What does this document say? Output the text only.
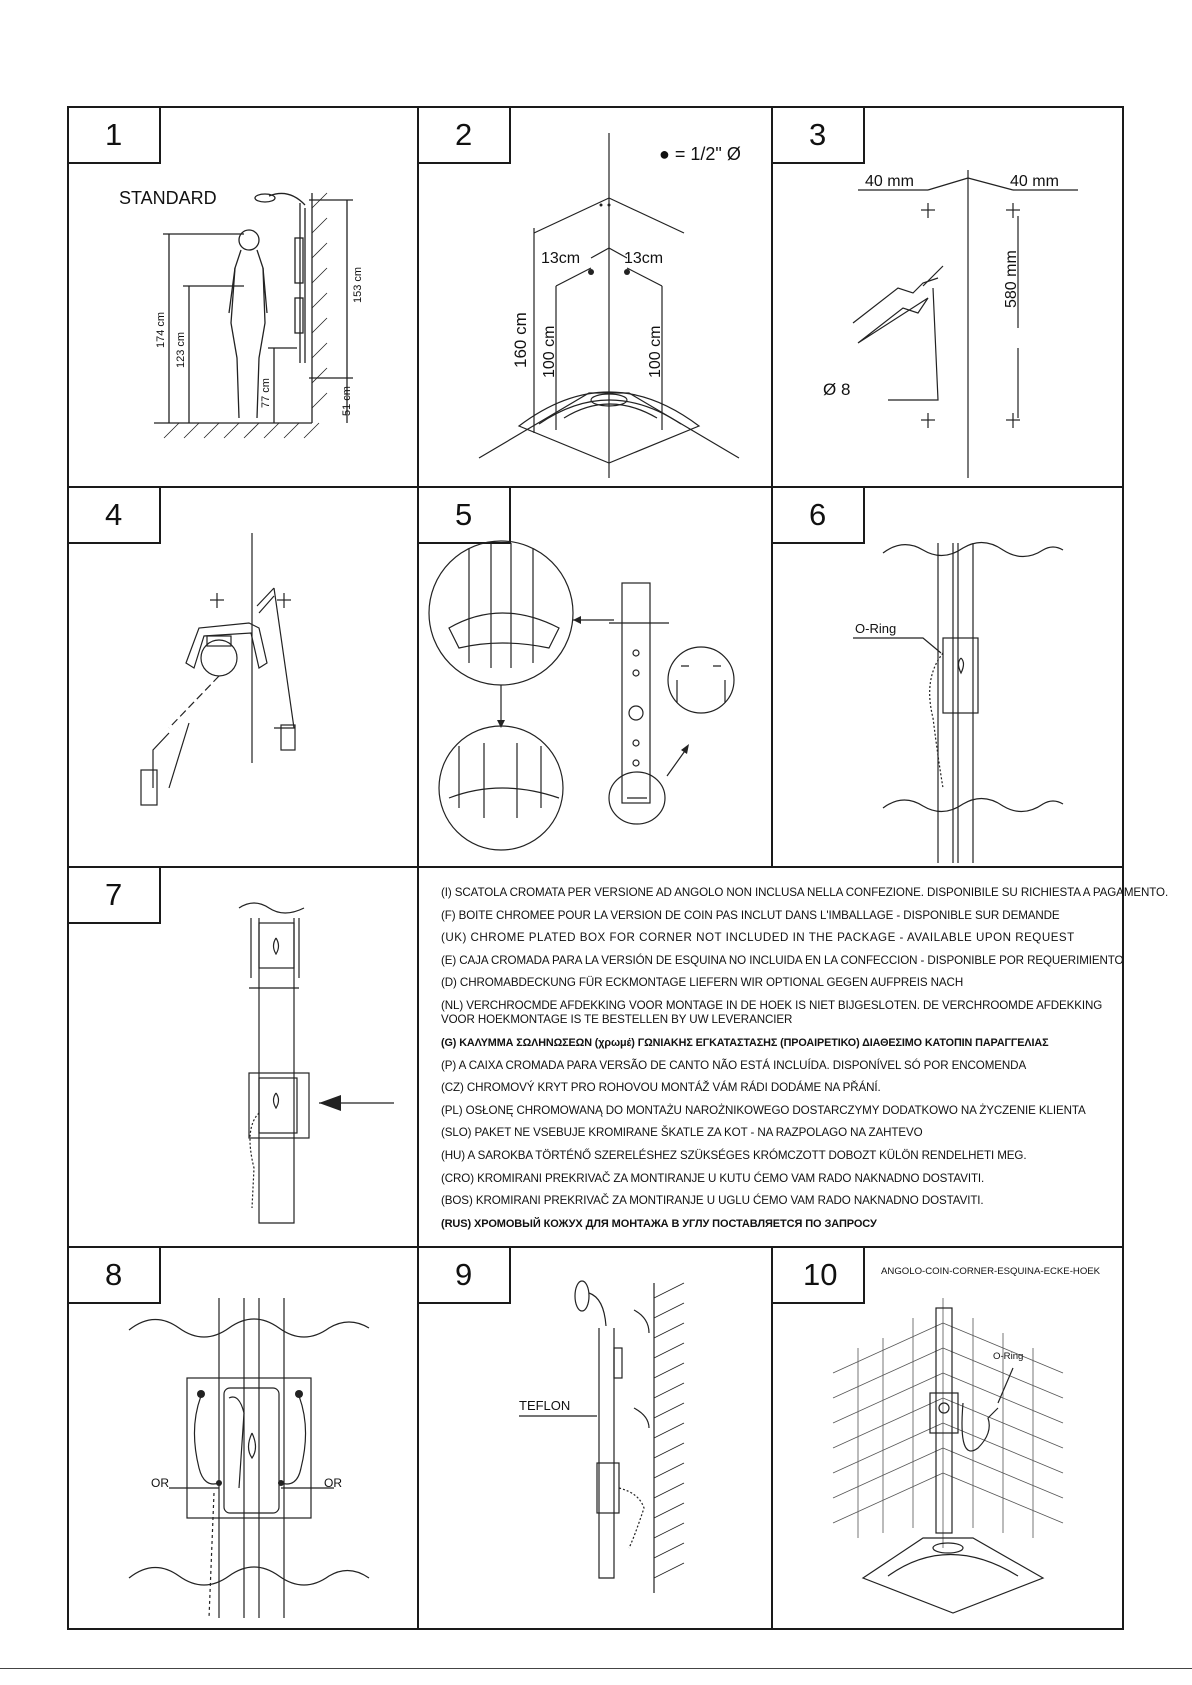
1
STANDARD
174 cm
123 cm
77 cm
153 cm
51 cm
2
● = 1/2" Ø
13cm	13cm
160 cm 100 cm	100 cm
3
40 mm	40 mm
580 mm
Ø 8
4	5	6
O-Ring
7	(I) SCATOLA CROMATA PER VERSIONE AD ANGOLO NON INCLUSA NELLA CONFEZIONE. DISPONIBILE SU RICHIESTA A PAGAMENTO.
(F) BOITE CHROMEE POUR LA VERSION DE COIN PAS INCLUT DANS L'IMBALLAGE - DISPONIBLE SUR DEMANDE
(UK) CHROME PLATED BOX FOR CORNER NOT INCLUDED IN THE PACKAGE - AVAILABLE UPON REQUEST
(E) CAJA CROMADA PARA LA VERSIÓN DE ESQUINA NO INCLUIDA EN LA CONFECCION - DISPONIBLE POR REQUERIMIENTO
(D) CHROMABDECKUNG FÜR ECKMONTAGE LIEFERN WIR OPTIONAL GEGEN AUFPREIS NACH
(NL) VERCHROCMDE AFDEKKING VOOR MONTAGE IN DE HOEK IS NIET BIJGESLOTEN. DE VERCHROOMDE AFDEKKING VOOR HOEKMONTAGE IS TE BESTELLEN BY UW LEVERANCIER
(G) ΚΑΛΥΜΜΑ ΣΩΛΗΝΩΣΕΩΝ (χρωμέ) ΓΩΝΙΑΚΗΣ ΕΓΚΑΤΑΣΤΑΣΗΣ (ΠΡΟΑΙΡΕΤΙΚΟ) ΔΙΑΘΕΣΙΜΟ ΚΑΤΟΠΙΝ ΠΑΡΑΓΓΕΛΙΑΣ
(P) A CAIXA CROMADA PARA VERSÃO DE CANTO NÃO ESTÁ INCLUÍDA. DISPONÍVEL SÓ POR ENCOMENDA
(CZ) CHROMOVÝ KRYT PRO ROHOVOU MONTÁŽ VÁM RÁDI DODÁME NA PŘÁNÍ.
(PL) OSŁONĘ CHROMOWANĄ DO MONTAŻU NAROŻNIKOWEGO DOSTARCZYMY DODATKOWO NA ŻYCZENIE KLIENTA
(SLO) PAKET NE VSEBUJE KROMIRANE ŠKATLE ZA KOT - NA RAZPOLAGO NA ZAHTEVO
(HU) A SAROKBA TÖRTÉNŐ SZERELÉSHEZ SZÜKSÉGES KRÓMCZOTT DOBOZT KÜLÖN RENDELHETI MEG.
(CRO) KROMIRANI PREKRIVAČ ZA MONTIRANJE U KUTU ĆEMO VAM RADO NAKNADNO DOSTAVITI.
(BOS) KROMIRANI PREKRIVAČ ZA MONTIRANJE U UGLU ĆEMO VAM RADO NAKNADNO DOSTAVITI.
(RUS) ХРОМОВЫЙ КОЖУХ ДЛЯ МОНТАЖА В УГЛУ ПОСТАВЛЯЕТСЯ ПО ЗАПРОСУ
8
OR	OR
9
TEFLON
10	ANGOLO-COIN-CORNER-ESQUINA-ECKE-HOEK
O-Ring
